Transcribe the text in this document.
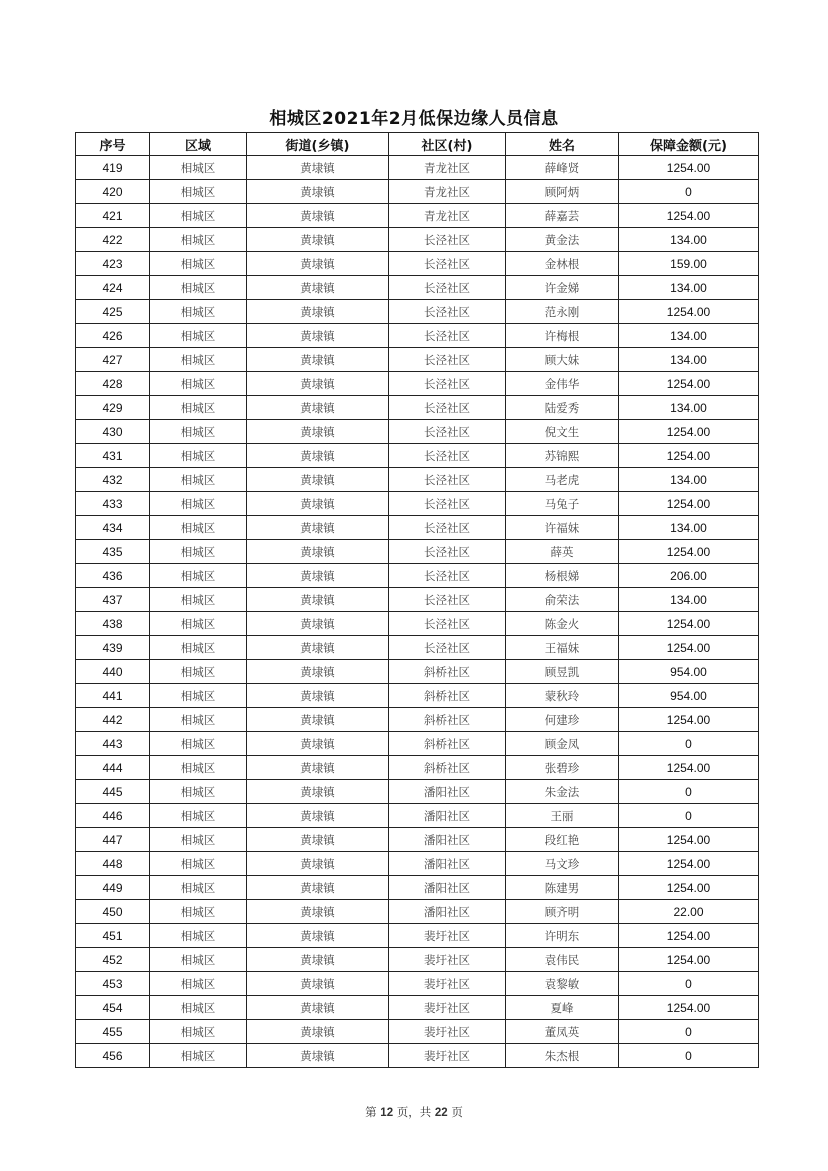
相城区2021年2月低保边缘人员信息
序号	区域	街道(乡镇)	社区(村)	姓名	保障金额(元)
419	相城区	黄埭镇	青龙社区	薛峰贤	1254.00
420	相城区	黄埭镇	青龙社区	顾阿炳	0
421	相城区	黄埭镇	青龙社区	薛嘉芸	1254.00
422	相城区	黄埭镇	长泾社区	黄金法	134.00
423	相城区	黄埭镇	长泾社区	金林根	159.00
424	相城区	黄埭镇	长泾社区	许金娣	134.00
425	相城区	黄埭镇	长泾社区	范永刚	1254.00
426	相城区	黄埭镇	长泾社区	许梅根	134.00
427	相城区	黄埭镇	长泾社区	顾大妹	134.00
428	相城区	黄埭镇	长泾社区	金伟华	1254.00
429	相城区	黄埭镇	长泾社区	陆爱秀	134.00
430	相城区	黄埭镇	长泾社区	倪文生	1254.00
431	相城区	黄埭镇	长泾社区	苏锦熙	1254.00
432	相城区	黄埭镇	长泾社区	马老虎	134.00
433	相城区	黄埭镇	长泾社区	马兔子	1254.00
434	相城区	黄埭镇	长泾社区	许福妹	134.00
435	相城区	黄埭镇	长泾社区	薛英	1254.00
436	相城区	黄埭镇	长泾社区	杨根娣	206.00
437	相城区	黄埭镇	长泾社区	俞荣法	134.00
438	相城区	黄埭镇	长泾社区	陈金火	1254.00
439	相城区	黄埭镇	长泾社区	王福妹	1254.00
440	相城区	黄埭镇	斜桥社区	顾昱凯	954.00
441	相城区	黄埭镇	斜桥社区	蒙秋玲	954.00
442	相城区	黄埭镇	斜桥社区	何建珍	1254.00
443	相城区	黄埭镇	斜桥社区	顾金凤	0
444	相城区	黄埭镇	斜桥社区	张碧珍	1254.00
445	相城区	黄埭镇	潘阳社区	朱金法	0
446	相城区	黄埭镇	潘阳社区	王丽	0
447	相城区	黄埭镇	潘阳社区	段红艳	1254.00
448	相城区	黄埭镇	潘阳社区	马文珍	1254.00
449	相城区	黄埭镇	潘阳社区	陈建男	1254.00
450	相城区	黄埭镇	潘阳社区	顾齐明	22.00
451	相城区	黄埭镇	裴圩社区	许明东	1254.00
452	相城区	黄埭镇	裴圩社区	袁伟民	1254.00
453	相城区	黄埭镇	裴圩社区	袁黎敏	0
454	相城区	黄埭镇	裴圩社区	夏峰	1254.00
455	相城区	黄埭镇	裴圩社区	董凤英	0
456	相城区	黄埭镇	裴圩社区	朱杰根	0
第 12 页，共 22 页
